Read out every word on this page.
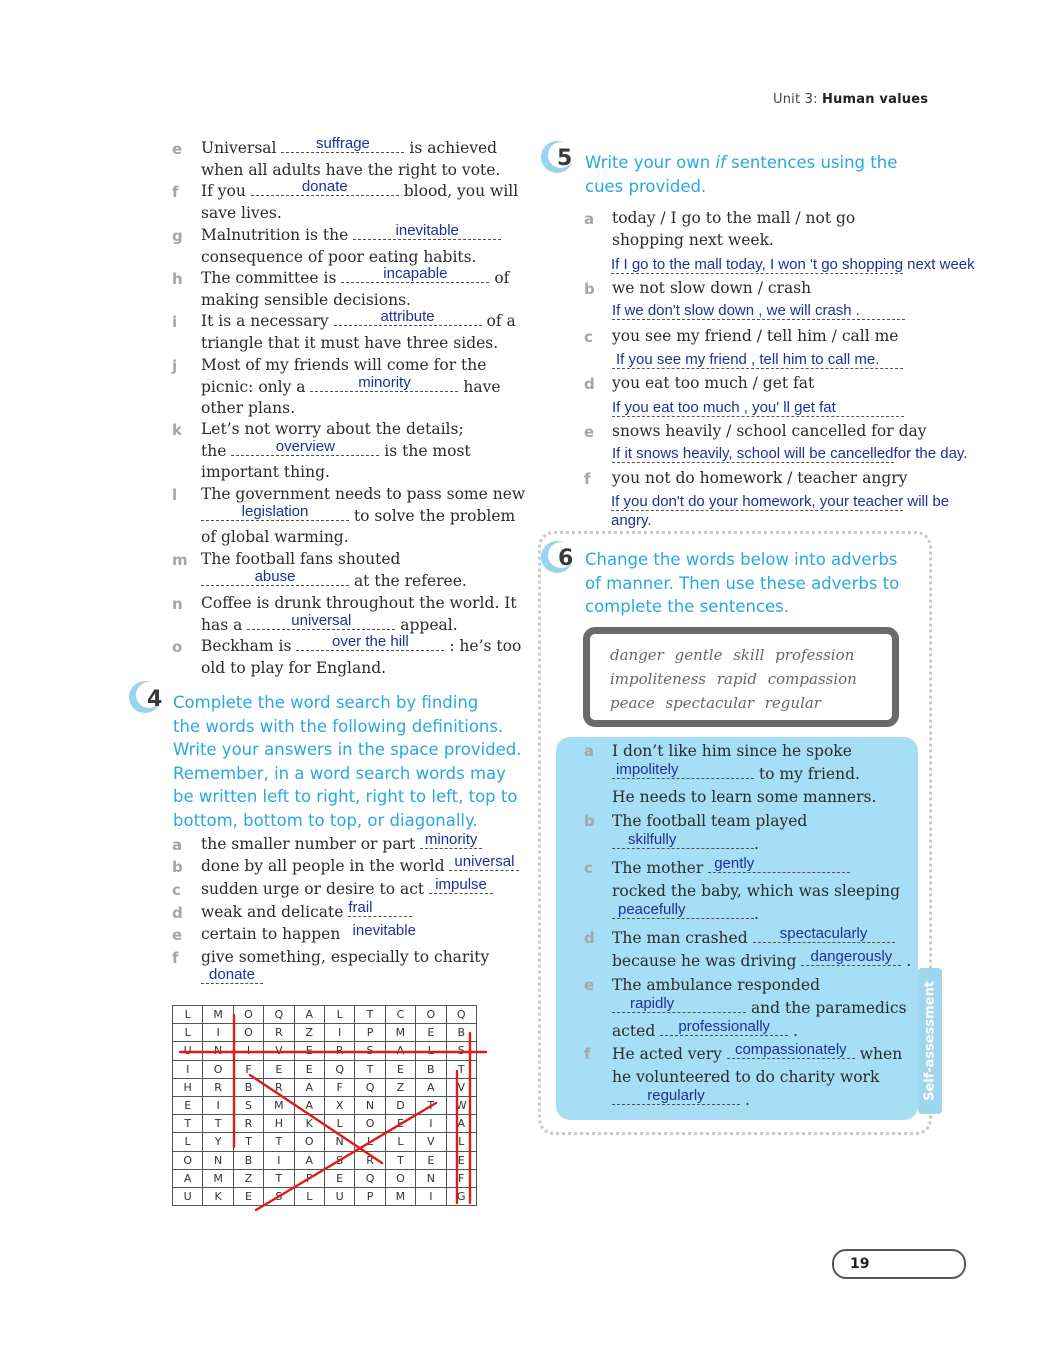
Unit 3: Human values
e	Universal	suffrage	is achieved
when all adults have the right to vote.
f	If you	donate	blood, you will
save lives.
g	Malnutrition is the	inevitable

consequence of poor eating habits.
h	The committee is	incapable	of
making sensible decisions.
i	It is a necessary	attribute	of a
triangle that it must have three sides.
j	Most of my friends will come for the
picnic: only a	minority	have
other plans.
k	Let’s not worry about the details;
the	overview	is the most
important thing.
l	The government needs to pass some new

legislation	to solve the problem
of global warming.
m The football fans shouted

abuse	at the referee.
n	Coffee is drunk throughout the world. It
has a	universal	appeal.
o	Beckham is	over the hill	: he’s too
old to play for England.
4 Complete the word search by finding
the words with the following definitions.
Write your answers in the space provided.
Remember, in a word search words may
be written left to right, right to left, top to
bottom, bottom to top, or diagonally.
a	the smaller number or part minority
b	done by all people in the world universal
c	sudden urge or desire to act impulse
d	weak and delicate frail
e	certain to happen inevitable
f	give something, especially to charity

donate
L	M	O	Q	A	L	T	C	O	Q
L	I	O	R	Z	I	P	M	E	B
U	N	I	V	E	R	S	A	L	S
I	O	F	E	E	Q	T	E	B	T
H	R	B	R	A	F	Q	Z	A	V
E	I	S	M	A	X	N	D	T	W
T	T	R	H	K	L	O	E	I	A
L	Y	T	T	O	N	L	L	V	L
O	N	B	I	A	S	R	T	E	E
A	M	Z	T	P	E	Q	O	N	F
U	K	E	S	L	U	P	M	I	G
5 Write your own if sentences using the
cues provided.
a	today / I go to the mall / not go
shopping next week.
If I go to the mall today, I won 't go shopping next week
b	we not slow down / crash
If we don't slow down , we will crash .
c	you see my friend / tell him / call me
If you see my friend , tell him to call me.
d	you eat too much / get fat
If you eat too much , you' ll get fat
e	snows heavily / school cancelled for day
If it snows heavily, school will be cancelledfor the day.
f	you not do homework / teacher angry
If you don't do your homework, your teacher will be
angry.
6 Change the words below into adverbs
of manner. Then use these adverbs to
complete the sentences.
danger gentle skill profession
impoliteness rapid compassion
peace spectacular regular
Self-assessment
a	I don’t like him since he spoke

impolitely	to my friend.
He needs to learn some manners.
b	The football team played

skilfully	.
c	The mother gently

rocked the baby, which was sleeping

peacefully	.
d	The man crashed	spectacularly

because he was driving dangerously .
e	The ambulance responded

rapidly	and the paramedics
acted	professionally	.
f	He acted very compassionately when
he volunteered to do charity work

regularly	.
19
